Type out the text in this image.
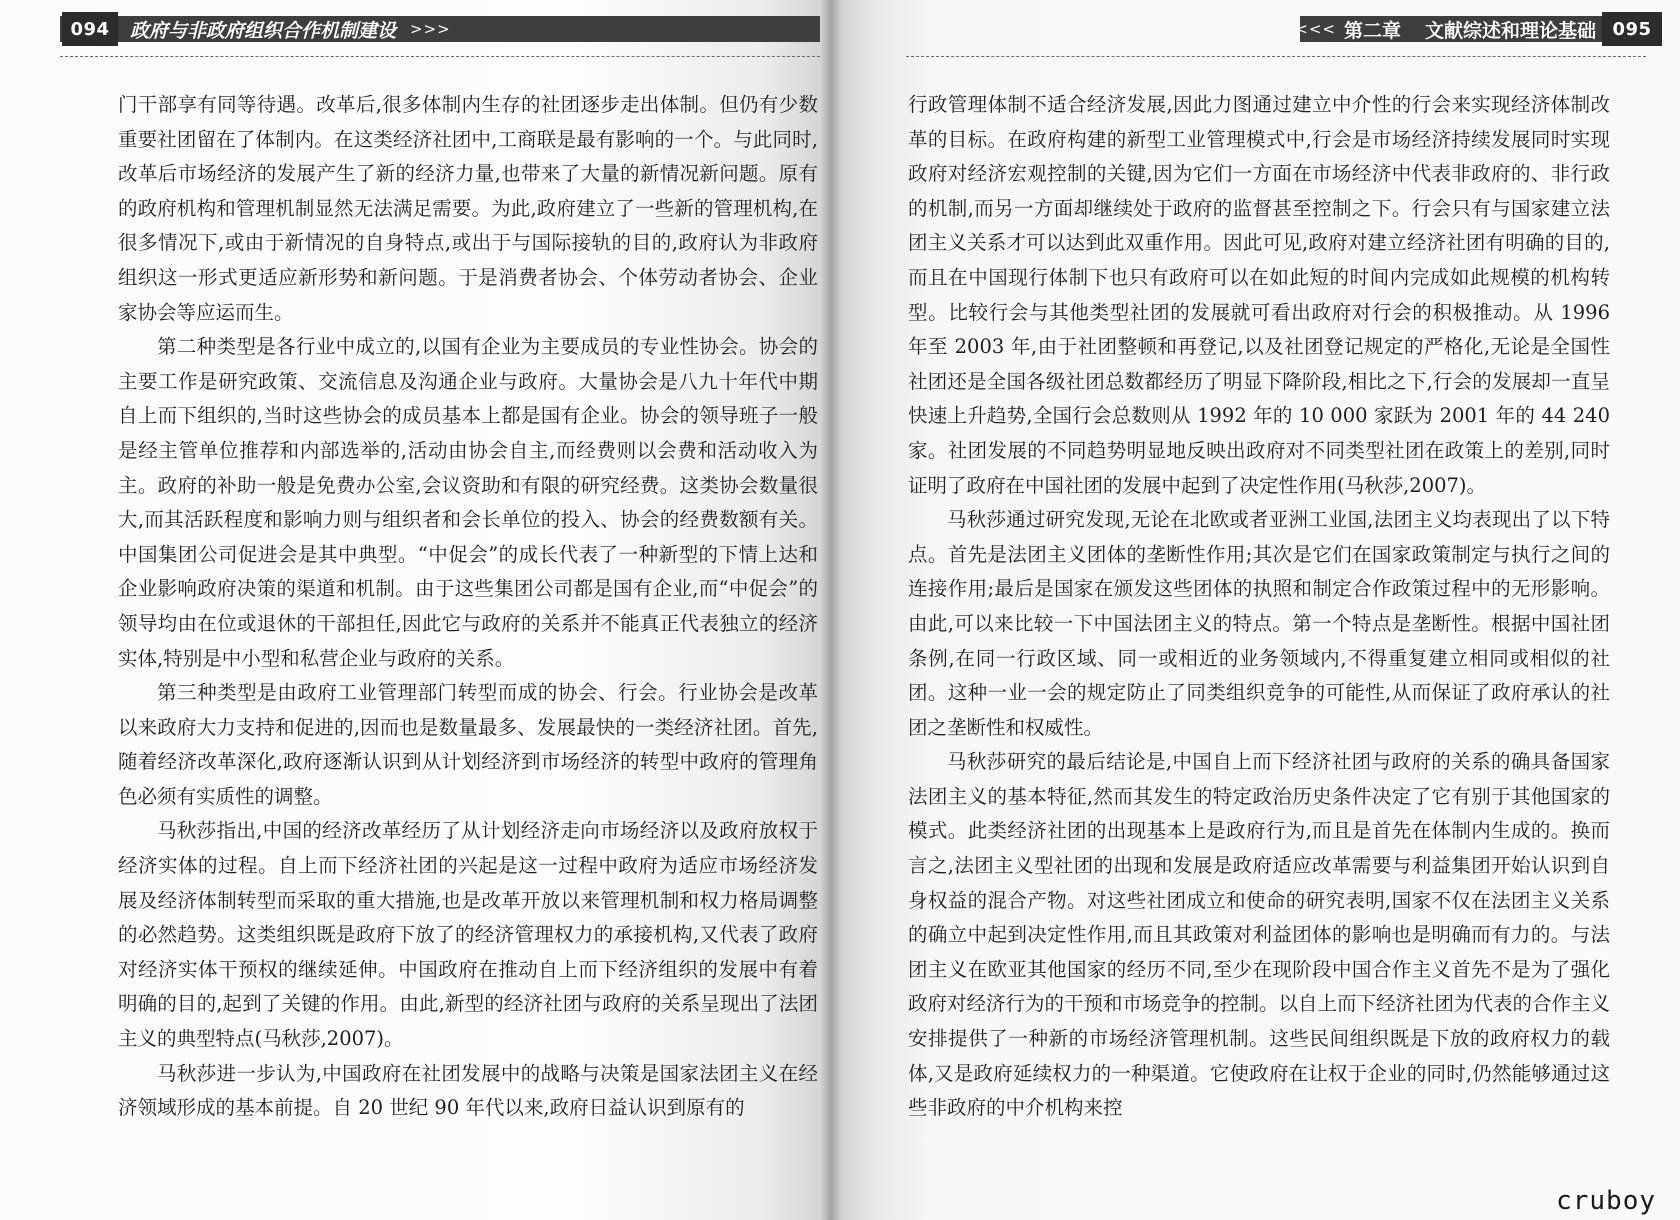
政府与非政府组织合作机制建设 >>>
094

门干部享有同等待遇。改革后,很多体制内生存的社团逐步走出体制。但仍有少数重要社团留在了体制内。在这类经济社团中,工商联是最有影响的一个。与此同时,改革后市场经济的发展产生了新的经济力量,也带来了大量的新情况新问题。原有的政府机构和管理机制显然无法满足需要。为此,政府建立了一些新的管理机构,在很多情况下,或由于新情况的自身特点,或出于与国际接轨的目的,政府认为非政府组织这一形式更适应新形势和新问题。于是消费者协会、个体劳动者协会、企业家协会等应运而生。

第二种类型是各行业中成立的,以国有企业为主要成员的专业性协会。协会的主要工作是研究政策、交流信息及沟通企业与政府。大量协会是八九十年代中期自上而下组织的,当时这些协会的成员基本上都是国有企业。协会的领导班子一般是经主管单位推荐和内部选举的,活动由协会自主,而经费则以会费和活动收入为主。政府的补助一般是免费办公室,会议资助和有限的研究经费。这类协会数量很大,而其活跃程度和影响力则与组织者和会长单位的投入、协会的经费数额有关。中国集团公司促进会是其中典型。“中促会”的成长代表了一种新型的下情上达和企业影响政府决策的渠道和机制。由于这些集团公司都是国有企业,而“中促会”的领导均由在位或退休的干部担任,因此它与政府的关系并不能真正代表独立的经济实体,特别是中小型和私营企业与政府的关系。

第三种类型是由政府工业管理部门转型而成的协会、行会。行业协会是改革以来政府大力支持和促进的,因而也是数量最多、发展最快的一类经济社团。首先,随着经济改革深化,政府逐渐认识到从计划经济到市场经济的转型中政府的管理角色必须有实质性的调整。

马秋莎指出,中国的经济改革经历了从计划经济走向市场经济以及政府放权于经济实体的过程。自上而下经济社团的兴起是这一过程中政府为适应市场经济发展及经济体制转型而采取的重大措施,也是改革开放以来管理机制和权力格局调整的必然趋势。这类组织既是政府下放了的经济管理权力的承接机构,又代表了政府对经济实体干预权的继续延伸。中国政府在推动自上而下经济组织的发展中有着明确的目的,起到了关键的作用。由此,新型的经济社团与政府的关系呈现出了法团主义的典型特点(马秋莎,2007)。

马秋莎进一步认为,中国政府在社团发展中的战略与决策是国家法团主义在经济领域形成的基本前提。自 20 世纪 90 年代以来,政府日益认识到原有的

行政管理体制不适合经济发展,因此力图通过建立中介性的行会来实现经济体制改革的目标。在政府构建的新型工业管理模式中,行会是市场经济持续发展同时实现政府对经济宏观控制的关键,因为它们一方面在市场经济中代表非政府的、非行政的机制,而另一方面却继续处于政府的监督甚至控制之下。行会只有与国家建立法团主义关系才可以达到此双重作用。因此可见,政府对建立经济社团有明确的目的,而且在中国现行体制下也只有政府可以在如此短的时间内完成如此规模的机构转型。比较行会与其他类型社团的发展就可看出政府对行会的积极推动。从 1996 年至 2003 年,由于社团整顿和再登记,以及社团登记规定的严格化,无论是全国性社团还是全国各级社团总数都经历了明显下降阶段,相比之下,行会的发展却一直呈快速上升趋势,全国行会总数则从 1992 年的 10 000 家跃为 2001 年的 44 240 家。社团发展的不同趋势明显地反映出政府对不同类型社团在政策上的差别,同时证明了政府在中国社团的发展中起到了决定性作用(马秋莎,2007)。

马秋莎通过研究发现,无论在北欧或者亚洲工业国,法团主义均表现出了以下特点。首先是法团主义团体的垄断性作用;其次是它们在国家政策制定与执行之间的连接作用;最后是国家在颁发这些团体的执照和制定合作政策过程中的无形影响。由此,可以来比较一下中国法团主义的特点。第一个特点是垄断性。根据中国社团条例,在同一行政区域、同一或相近的业务领域内,不得重复建立相同或相似的社团。这种一业一会的规定防止了同类组织竞争的可能性,从而保证了政府承认的社团之垄断性和权威性。

马秋莎研究的最后结论是,中国自上而下经济社团与政府的关系的确具备国家法团主义的基本特征,然而其发生的特定政治历史条件决定了它有别于其他国家的模式。此类经济社团的出现基本上是政府行为,而且是首先在体制内生成的。换而言之,法团主义型社团的出现和发展是政府适应改革需要与利益集团开始认识到自身权益的混合产物。对这些社团成立和使命的研究表明,国家不仅在法团主义关系的确立中起到决定性作用,而且其政策对利益团体的影响也是明确而有力的。与法团主义在欧亚其他国家的经历不同,至少在现阶段中国合作主义首先不是为了强化政府对经济行为的干预和市场竞争的控制。以自上而下经济社团为代表的合作主义安排提供了一种新的市场经济管理机制。这些民间组织既是下放的政府权力的载体,又是政府延续权力的一种渠道。它使政府在让权于企业的同时,仍然能够通过这些非政府的中介机构来控

<<< 第二章 文献综述和理论基础 095
cruboy
